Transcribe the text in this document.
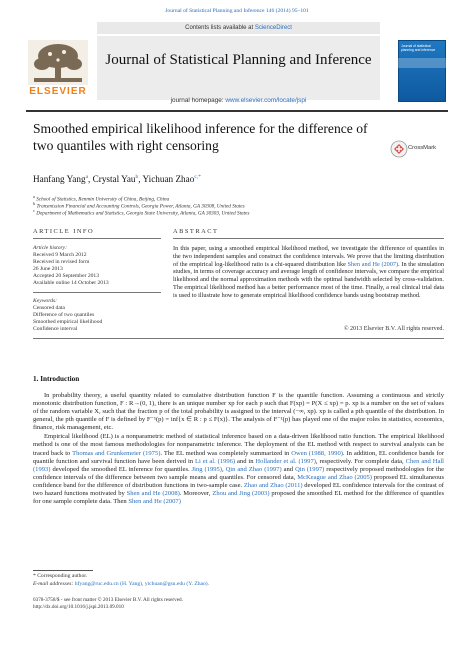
Journal of Statistical Planning and Inference 146 (2014) 95–101
Contents lists available at ScienceDirect
Journal of Statistical Planning and Inference
journal homepage: www.elsevier.com/locate/jspi
ELSEVIER
Journal of statistical planning and inference
Smoothed empirical likelihood inference for the difference of two quantiles with right censoring	CrossMark
Hanfang Yang$^a$, Crystal Yau$^b$, Yichuan Zhao$^{c,*}$
$^a$ School of Statistics, Renmin University of China, Beijing, China
$^b$ Transmission Financial and Accounting Controls, Georgia Power, Atlanta, GA 30308, United States
$^c$ Department of Mathematics and Statistics, Georgia State University, Atlanta, GA 30303, United States
ARTICLE INFO	ABSTRACT
Article history:
Received 9 March 2012
Received in revised form
26 June 2013
Accepted 20 September 2013
Available online 14 October 2013
Keywords:
Censored data
Difference of two quantiles
Smoothed empirical likelihood
Confidence interval
In this paper, using a smoothed empirical likelihood method, we investigate the difference of quantiles in the two independent samples and construct the confidence intervals. We prove that the limiting distribution of the empirical log-likelihood ratio is a chi-squared distribution like Shen and He (2007). In the simulation studies, in terms of coverage accuracy and average length of confidence intervals, we compare the empirical likelihood and the normal approximation methods with the optimal bandwidth selected by cross-validation. The empirical likelihood method has a better performance most of the time. Finally, a real clinical trial data is used to illustrate how to generate empirical likelihood confidence bands using bootstrap method.
© 2013 Elsevier B.V. All rights reserved.
1. Introduction

In probability theory, a useful quantity related to cumulative distribution function F is the quantile function. Assuming a continuous and strictly monotonic distribution function, F : R→(0, 1), there is an unique number xp for each p such that F(xp) = P(X ≤ xp) = p. xp is a number on the set of values of the random variable X, such that the fraction p of the total probability is assigned to the interval (−∞, xp). xp is called a pth quantile of the distribution. In general, the pth quantile of F is defined by F⁻¹(p) = inf{x ∈ R : p ≤ F(x)}. The analysis of F⁻¹(p) has played one of the major roles in statistics, economics, finance, risk management, etc.

Empirical likelihood (EL) is a nonparametric method of statistical inference based on a data-driven likelihood ratio function. The empirical likelihood method is one of the most famous methodologies for nonparametric inference. The deployment of the EL method with respect to survival analysis can be traced back to Thomas and Grunkemeier (1975). The EL method was completely summarized in Owen (1988, 1990). In addition, EL confidence bands for quantile function and survival function have been derived in Li et al. (1996) and in Hollander et al. (1997), respectively. For complete data, Chen and Hall (1993) developed the smoothed EL inference for quantiles. Jing (1995), Qin and Zhao (1997) and Qin (1997) respectively proposed methodologies for the confidence intervals of the difference between two sample means and quantiles. For censored data, McKeague and Zhao (2005) proposed EL simultaneous confidence band for the difference of distribution functions in two-sample case. Zhao and Zhao (2011) developed EL confidence intervals for the contrast of two hazard functions motivated by Shen and He (2008). Moreover, Zhou and Jing (2003) proposed the smoothed EL method for the difference of quantiles for one sample complete data. Then Shen and He (2007)

* Corresponding author.
E-mail addresses: hfyang@ruc.edu.cn (H. Yang), yichuan@gsu.edu (Y. Zhao).
0378-3758/$ - see front matter © 2013 Elsevier B.V. All rights reserved.
http://dx.doi.org/10.1016/j.jspi.2013.09.010
